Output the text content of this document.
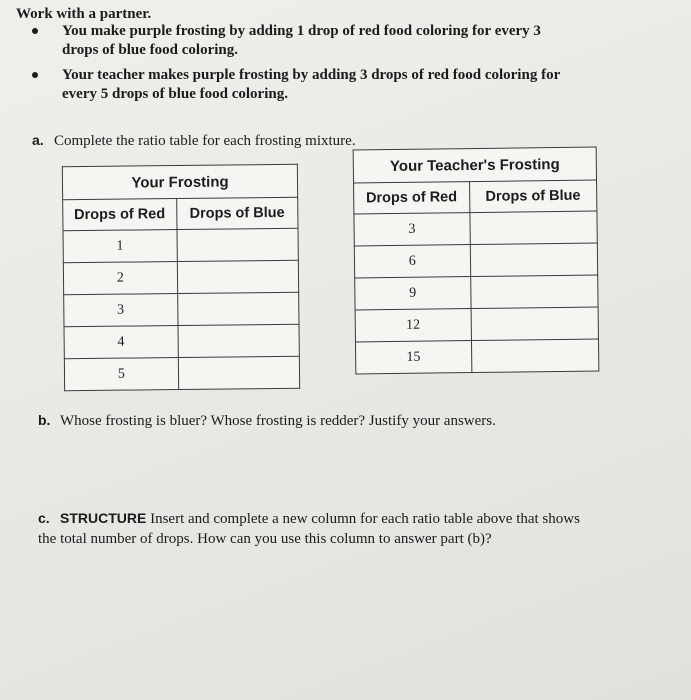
Work with a partner.
You make purple frosting by adding 1 drop of red food coloring for every 3 drops of blue food coloring.
Your teacher makes purple frosting by adding 3 drops of red food coloring for every 5 drops of blue food coloring.
a. Complete the ratio table for each frosting mixture.
Your Frosting	
Drops of Red	Drops of Blue
1	
2	
3	
4	
5	
Your Teacher's Frosting	
Drops of Red	Drops of Blue
3	
6	
9	
12	
15	
b. Whose frosting is bluer? Whose frosting is redder? Justify your answers.
c. STRUCTURE Insert and complete a new column for each ratio table above that shows the total number of drops. How can you use this column to answer part (b)?
